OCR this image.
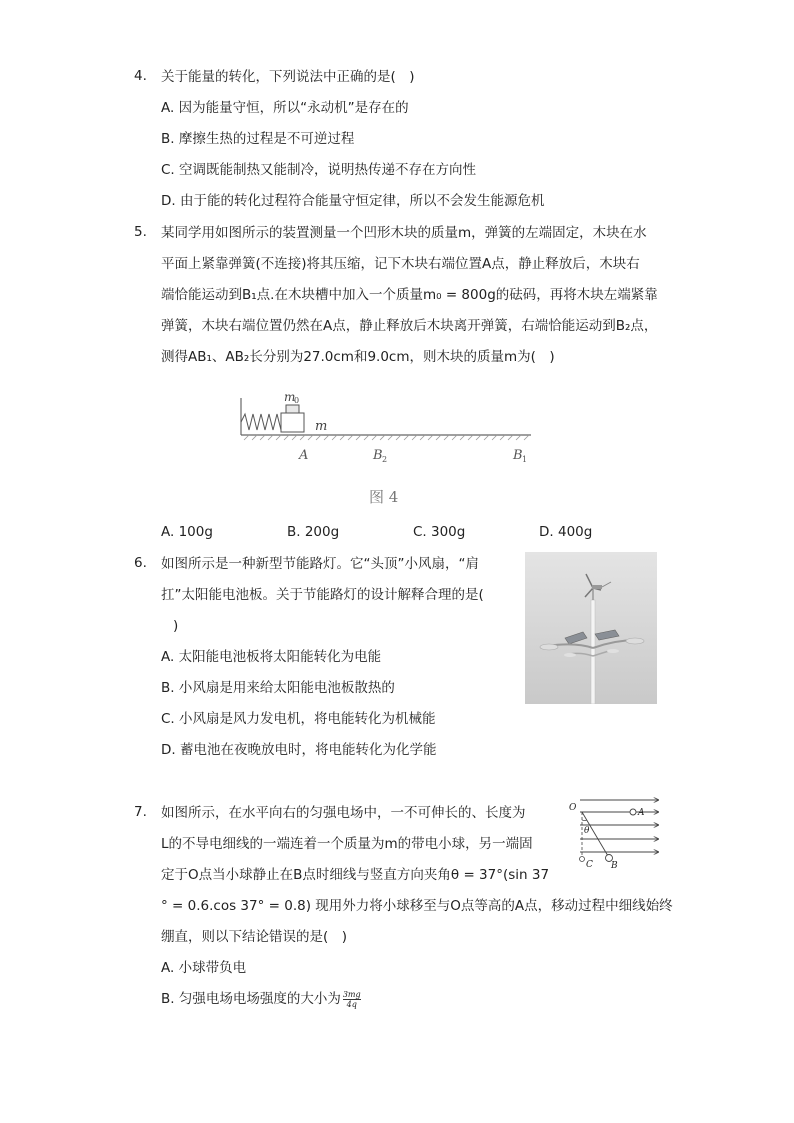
4.	关于能量的转化，下列说法中正确的是(　)
A. 因为能量守恒，所以“永动机”是存在的
B. 摩擦生热的过程是不可逆过程
C. 空调既能制热又能制冷，说明热传递不存在方向性
D. 由于能的转化过程符合能量守恒定律，所以不会发生能源危机
5.	某同学用如图所示的装置测量一个凹形木块的质量m，弹簧的左端固定，木块在水
平面上紧靠弹簧(不连接)将其压缩，记下木块右端位置A点，静止释放后，木块右
端恰能运动到B₁点.在木块槽中加入一个质量m₀ = 800g的砝码，再将木块左端紧靠
弹簧，木块右端位置仍然在A点，静止释放后木块离开弹簧，右端恰能运动到B₂点，
测得AB₁、AB₂长分别为27.0cm和9.0cm，则木块的质量m为(　)
m
0
m
A	B 2	B 1
图 4
A. 100g	B. 200g	C. 300g	D. 400g
6.	如图所示是一种新型节能路灯。它“头顶”小风扇，“肩
扛”太阳能电池板。关于节能路灯的设计解释合理的是(
)
A. 太阳能电池板将太阳能转化为电能
B. 小风扇是用来给太阳能电池板散热的
C. 小风扇是风力发电机，将电能转化为机械能
D. 蓄电池在夜晚放电时，将电能转化为化学能
7.	如图所示，在水平向右的匀强电场中，一不可伸长的、长度为
L的不导电细线的一端连着一个质量为m的带电小球，另一端固
定于O点当小球静止在B点时细线与竖直方向夹角θ = 37°(sin 37
° = 0.6.cos 37° = 0.8) 现用外力将小球移至与O点等高的A点，移动过程中细线始终
绷直，则以下结论错误的是(　)
A. 小球带负电
B. 匀强电场电场强度的大小为 $\frac{3mg}{4q}$
O	A
θ
C B
